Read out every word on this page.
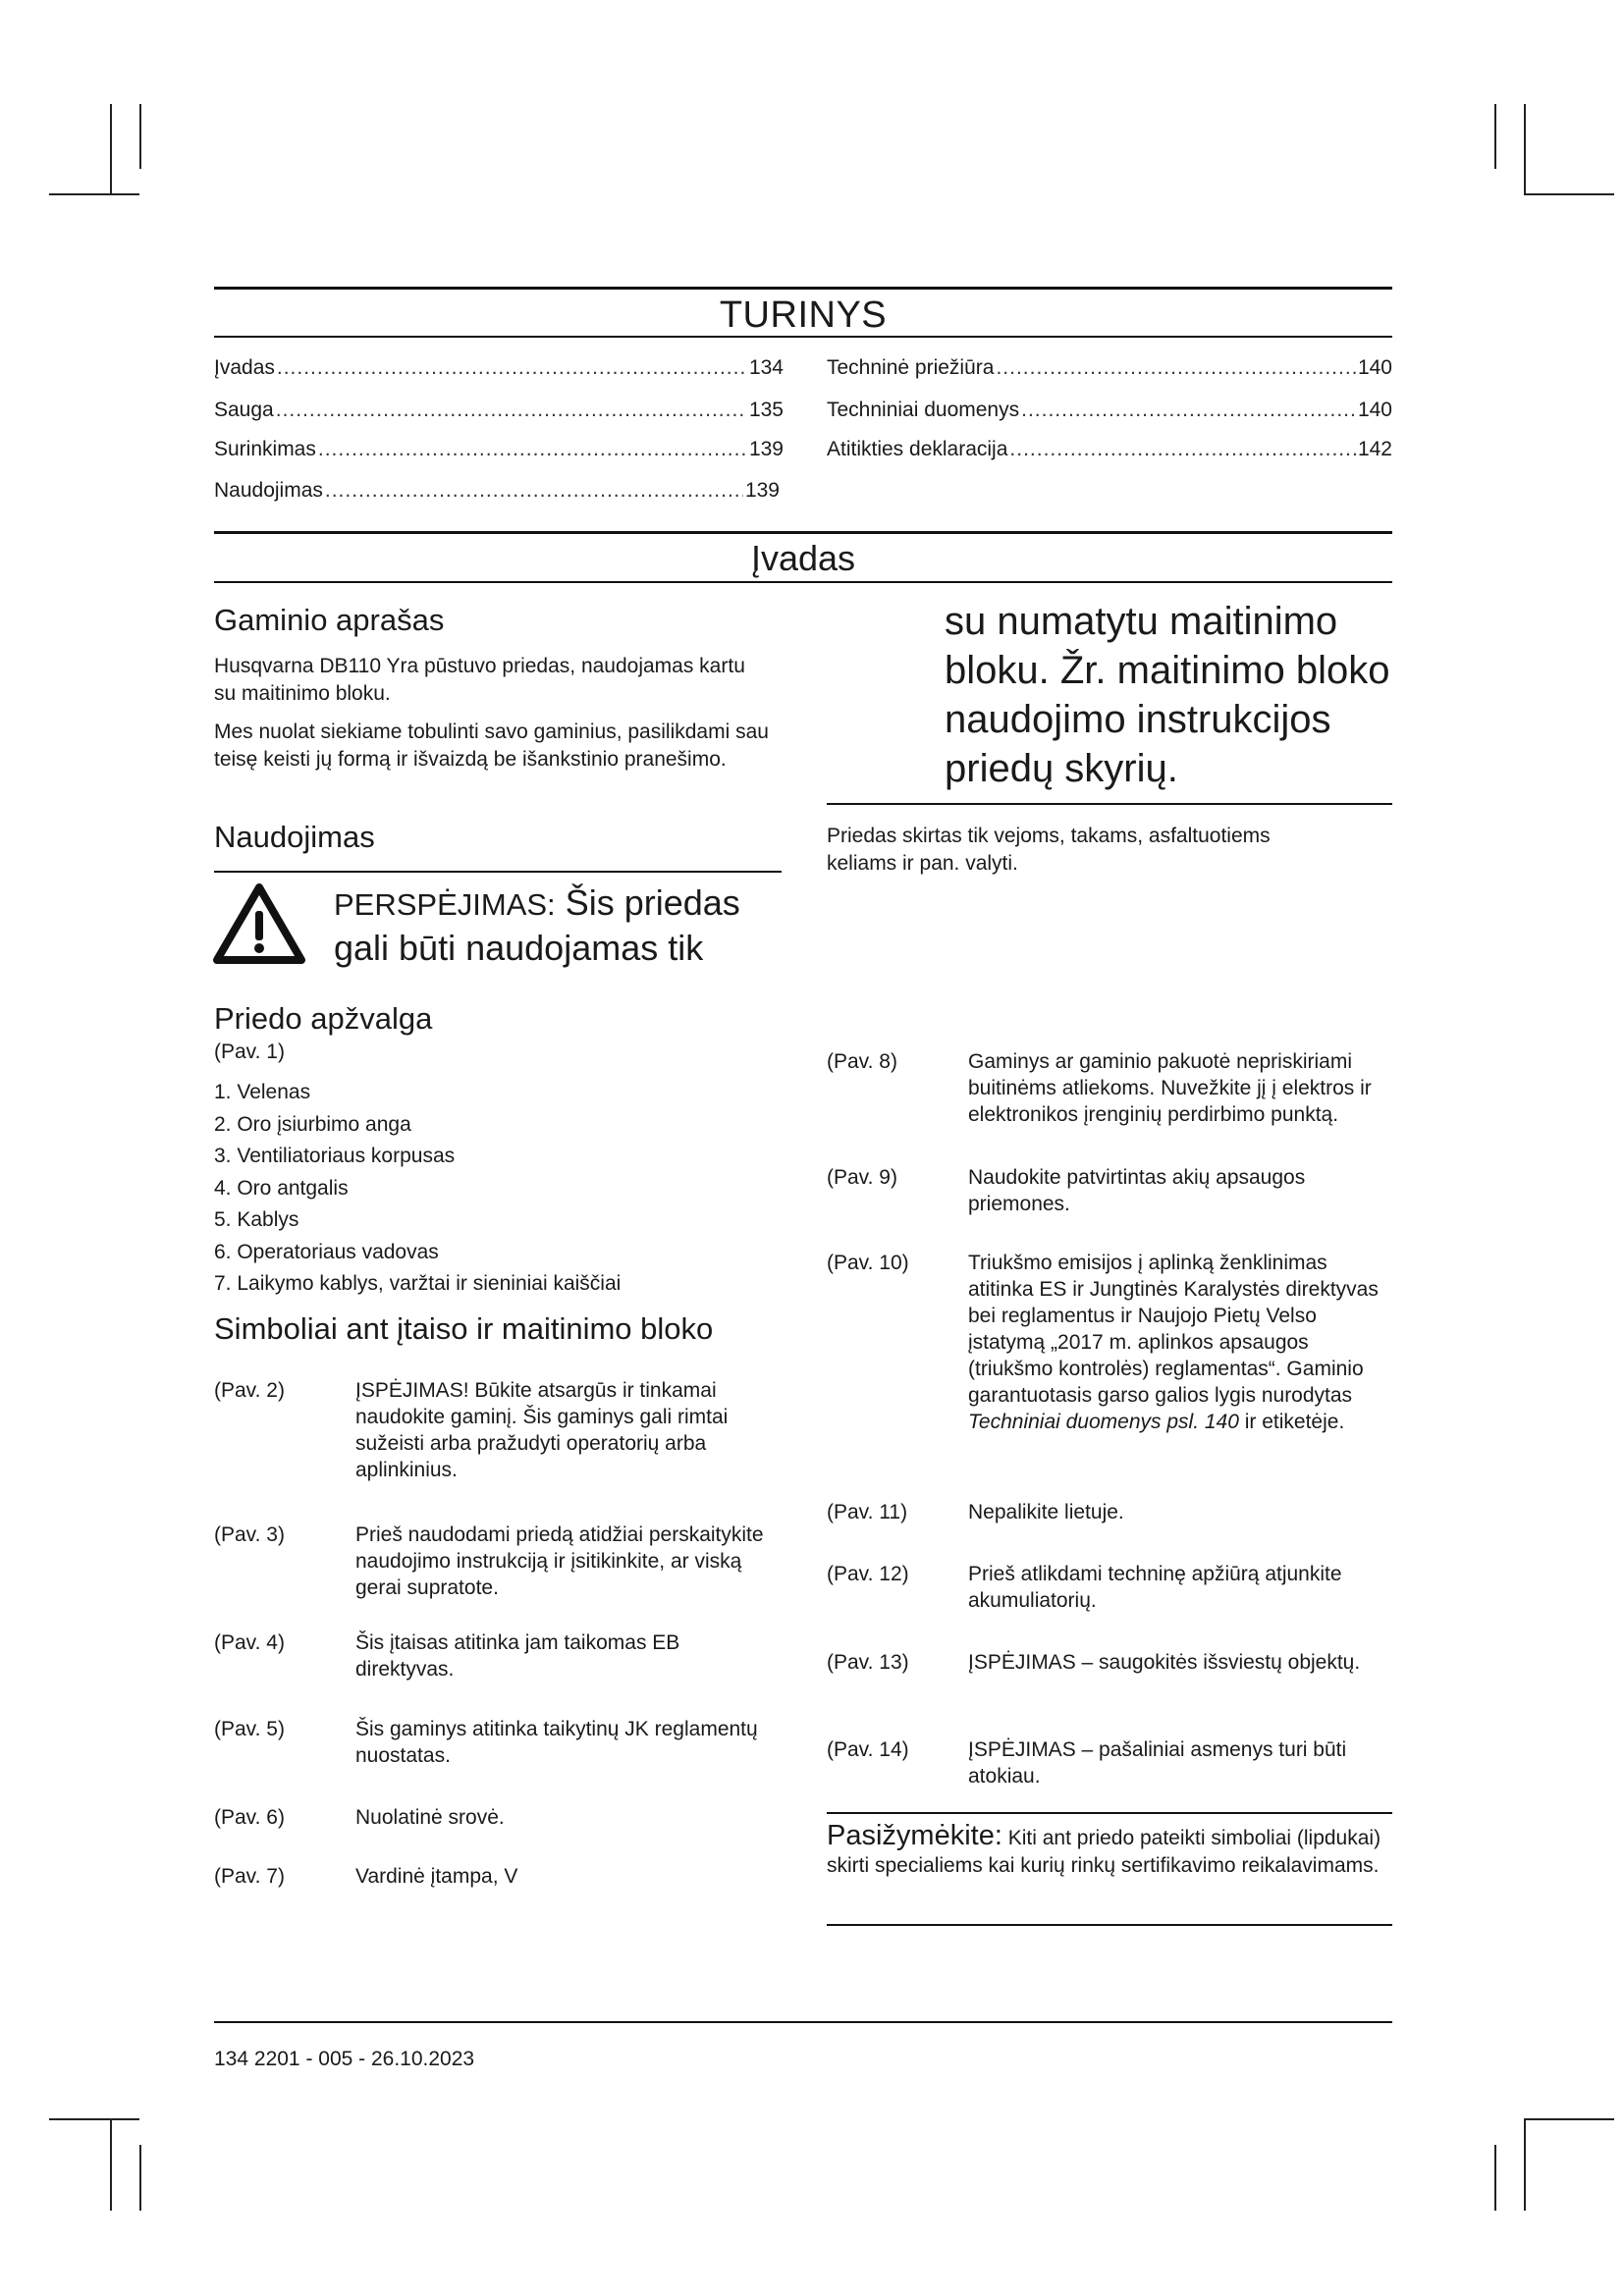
TURINYS
Įvadas .....	134
Sauga .....	135
Surinkimas .....	139
Naudojimas .....	139
Techninė priežiūra .....	140
Techniniai duomenys .....	140
Atitikties deklaracija .....	142
Įvadas
Gaminio aprašas

Husqvarna DB110 Yra pūstuvo priedas, naudojamas kartu su maitinimo bloku.

Mes nuolat siekiame tobulinti savo gaminius, pasilikdami sau teisę keisti jų formą ir išvaizdą be išankstinio pranešimo.

Naudojimas
PERSPĖJIMAS: Šis priedas gali būti naudojamas tik
su numatytu maitinimo bloku. Žr. maitinimo bloko naudojimo instrukcijos priedų skyrių.

Priedas skirtas tik vejoms, takams, asfaltuotiems keliams ir pan. valyti.

Priedo apžvalga
(Pav. 1)
1. Velenas
2. Oro įsiurbimo anga
3. Ventiliatoriaus korpusas
4. Oro antgalis
5. Kablys
6. Operatoriaus vadovas
7. Laikymo kablys, varžtai ir sieniniai kaiščiai
Simboliai ant įtaiso ir maitinimo bloko
(Pav. 2)	ĮSPĖJIMAS! Būkite atsargūs ir tinkamai naudokite gaminį. Šis gaminys gali rimtai sužeisti arba pražudyti operatorių arba aplinkinius.
(Pav. 3)	Prieš naudodami priedą atidžiai perskaitykite naudojimo instrukciją ir įsitikinkite, ar viską gerai supratote.
(Pav. 4)	Šis įtaisas atitinka jam taikomas EB direktyvas.
(Pav. 5)	Šis gaminys atitinka taikytinų JK reglamentų nuostatas.
(Pav. 6)	Nuolatinė srovė.
(Pav. 7)	Vardinė įtampa, V
(Pav. 8)	Gaminys ar gaminio pakuotė nepriskiriami buitinėms atliekoms. Nuvežkite jį į elektros ir elektronikos įrenginių perdirbimo punktą.
(Pav. 9)	Naudokite patvirtintas akių apsaugos priemones.
(Pav. 10)	Triukšmo emisijos į aplinką ženklinimas atitinka ES ir Jungtinės Karalystės direktyvas bei reglamentus ir Naujojo Pietų Velso įstatymą „2017 m. aplinkos apsaugos (triukšmo kontrolės) reglamentas“. Gaminio garantuotasis garso galios lygis nurodytas Techniniai duomenys psl. 140 ir etiketėje.
(Pav. 11)	Nepalikite lietuje.
(Pav. 12)	Prieš atlikdami techninę apžiūrą atjunkite akumuliatorių.
(Pav. 13)	ĮSPĖJIMAS – saugokitės išsviestų objektų.
(Pav. 14)	ĮSPĖJIMAS – pašaliniai asmenys turi būti atokiau.
Pasižymėkite: Kiti ant priedo pateikti simboliai (lipdukai) skirti specialiems kai kurių rinkų sertifikavimo reikalavimams.
134 2201 - 005 - 26.10.2023
